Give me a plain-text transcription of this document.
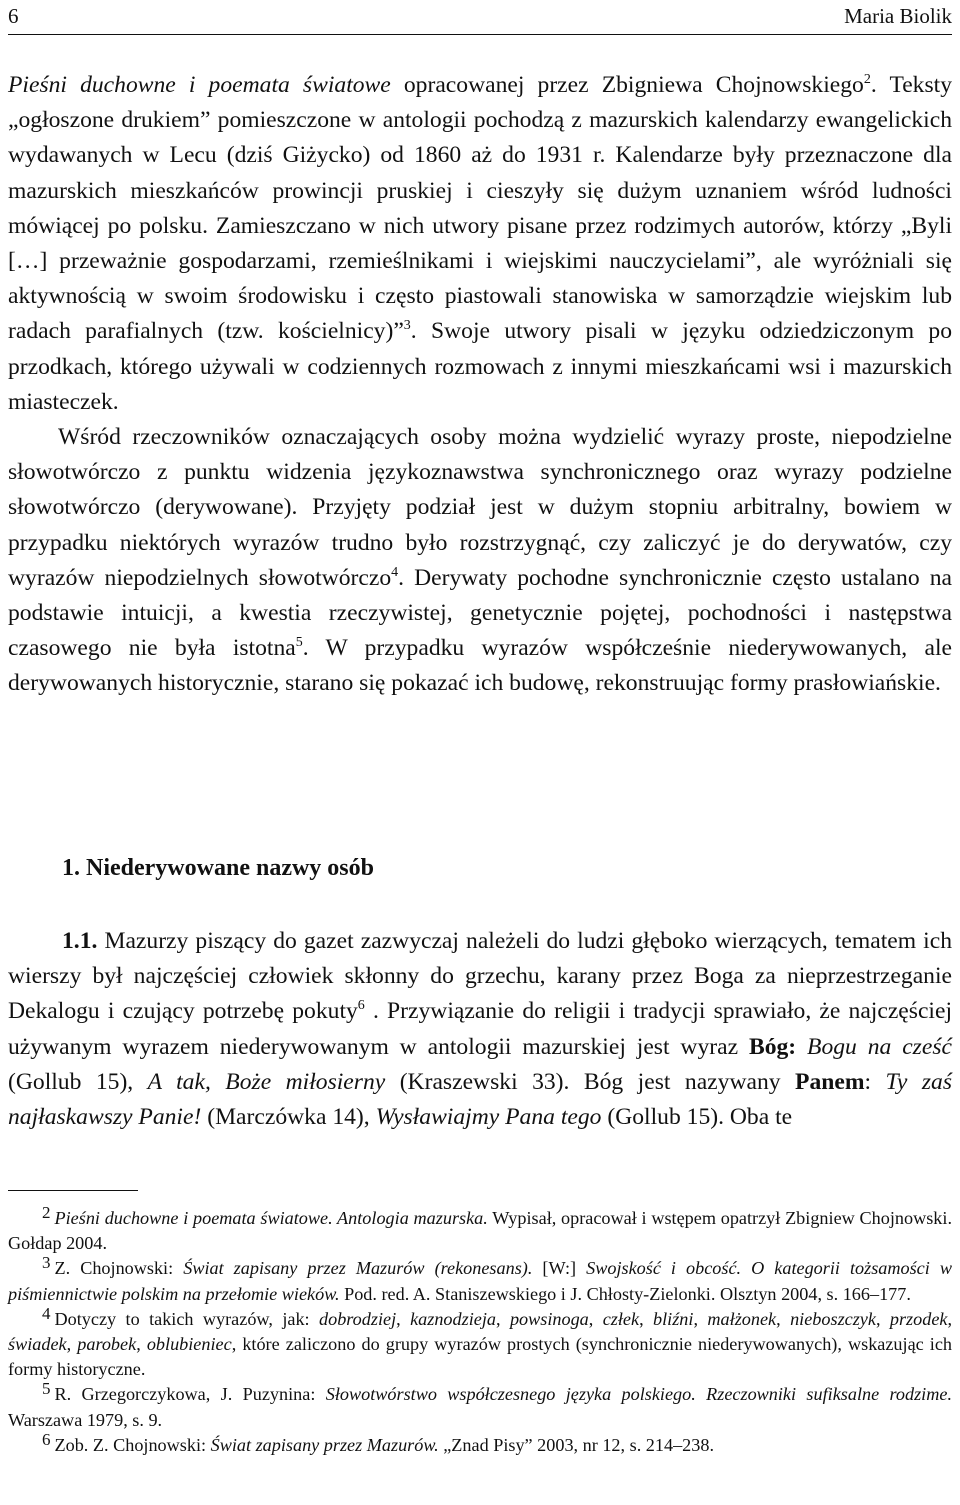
6	Maria Biolik

Pieśni duchowne i poemata światowe opracowanej przez Zbigniewa Chojnowskiego$^2$. Teksty „ogłoszone drukiem” pomieszczone w antologii pochodzą z mazurskich kalendarzy ewangelickich wydawanych w Lecu (dziś Giżycko) od 1860 aż do 1931 r. Kalendarze były przeznaczone dla mazurskich mieszkańców prowincji pruskiej i cieszyły się dużym uznaniem wśród ludności mówiącej po polsku. Zamieszczano w nich utwory pisane przez rodzimych autorów, którzy „Byli […] przeważnie gospodarzami, rzemieślnikami i wiejskimi nauczycielami”, ale wyróżniali się aktywnością w swoim środowisku i często piastowali stanowiska w samorządzie wiejskim lub radach parafialnych (tzw. kościelnicy)”$^3$. Swoje utwory pisali w języku odziedziczonym po przodkach, którego używali w codziennych rozmowach z innymi mieszkańcami wsi i mazurskich miasteczek.

Wśród rzeczowników oznaczających osoby można wydzielić wyrazy proste, niepodzielne słowotwórczo z punktu widzenia językoznawstwa synchronicznego oraz wyrazy podzielne słowotwórczo (derywowane). Przyjęty podział jest w dużym stopniu arbitralny, bowiem w przypadku niektórych wyrazów trudno było rozstrzygnąć, czy zaliczyć je do derywatów, czy wyrazów niepodzielnych słowotwórczo$^4$. Derywaty pochodne synchronicznie często ustalano na podstawie intuicji, a kwestia rzeczywistej, genetycznie pojętej, pochodności i następstwa czasowego nie była istotna$^5$. W przypadku wyrazów współcześnie niederywowanych, ale derywowanych historycznie, starano się pokazać ich budowę, rekonstruując formy prasłowiańskie.

1. Niederywowane nazwy osób
1.1. Mazurzy piszący do gazet zazwyczaj należeli do ludzi głęboko wierzących, tematem ich wierszy był najczęściej człowiek skłonny do grzechu, karany przez Boga za nieprzestrzeganie Dekalogu i czujący potrzebę pokuty$^6$ . Przywiązanie do religii i tradycji sprawiało, że najczęściej używanym wyrazem niederywowanym w antologii mazurskiej jest wyraz Bóg: Bogu na cześć (Gollub 15), A tak, Boże miłosierny (Kraszewski 33). Bóg jest nazywany Panem: Ty zaś najłaskawszy Panie! (Marczówka 14), Wysławiajmy Pana tego (Gollub 15). Oba te

2 Pieśni duchowne i poemata światowe. Antologia mazurska. Wypisał, opracował i wstępem opatrzył Zbigniew Chojnowski. Gołdap 2004.

3 Z. Chojnowski: Świat zapisany przez Mazurów (rekonesans). [W:] Swojskość i obcość. O kategorii tożsamości w piśmiennictwie polskim na przełomie wieków. Pod. red. A. Staniszewskiego i J. Chłosty-Zielonki. Olsztyn 2004, s. 166–177.

4 Dotyczy to takich wyrazów, jak: dobrodziej, kaznodzieja, powsinoga, człek, bliźni, małżonek, nieboszczyk, przodek, świadek, parobek, oblubieniec, które zaliczono do grupy wyrazów prostych (synchronicznie niederywowanych), wskazując ich formy historyczne.

5 R. Grzegorczykowa, J. Puzynina: Słowotwórstwo współczesnego języka polskiego. Rzeczowniki sufiksalne rodzime. Warszawa 1979, s. 9.

6 Zob. Z. Chojnowski: Świat zapisany przez Mazurów. „Znad Pisy” 2003, nr 12, s. 214–238.
